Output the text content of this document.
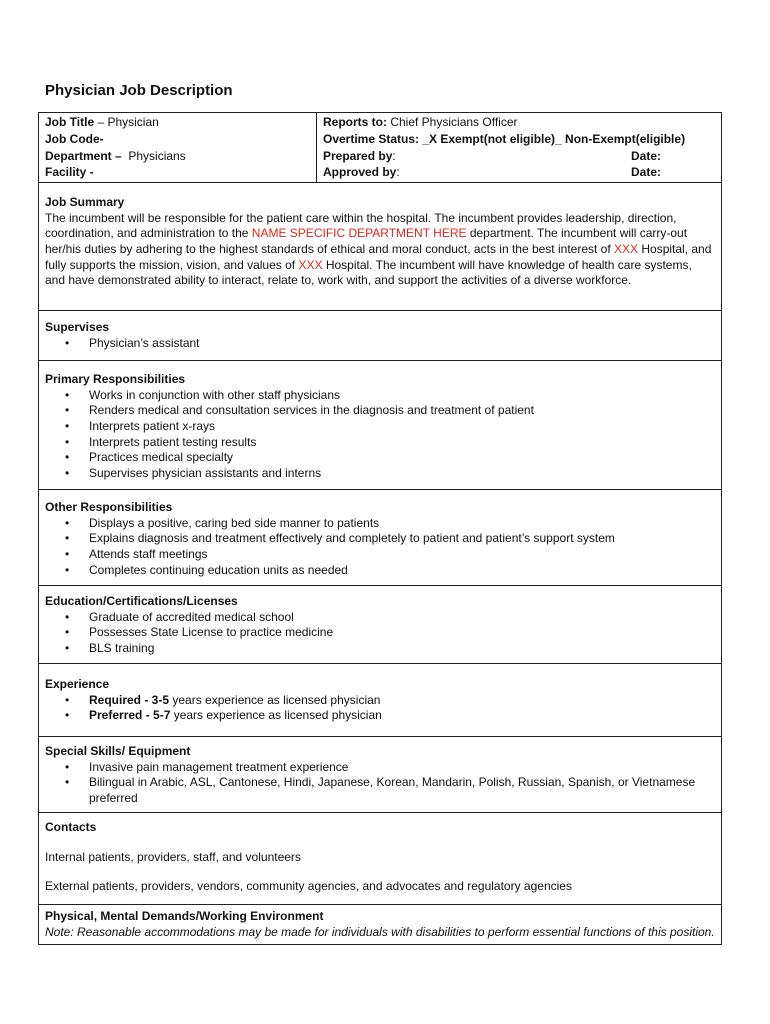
Physician Job Description
Job Title – Physician
Job Code-
Department – Physicians
Facility -
Reports to: Chief Physicians Officer
Overtime Status: _X Exempt(not eligible)_ Non-Exempt(eligible)
Prepared by:	Date:
Approved by:	Date:
Job Summary

The incumbent will be responsible for the patient care within the hospital. The incumbent provides leadership, direction, coordination, and administration to the NAME SPECIFIC DEPARTMENT HERE department. The incumbent will carry-out her/his duties by adhering to the highest standards of ethical and moral conduct, acts in the best interest of XXX Hospital, and fully supports the mission, vision, and values of XXX Hospital. The incumbent will have knowledge of health care systems, and have demonstrated ability to interact, relate to, work with, and support the activities of a diverse workforce.

Supervises
• Physician’s assistant
Primary Responsibilities
• Works in conjunction with other staff physicians
• Renders medical and consultation services in the diagnosis and treatment of patient
• Interprets patient x-rays
• Interprets patient testing results
• Practices medical specialty
• Supervises physician assistants and interns
Other Responsibilities
• Displays a positive, caring bed side manner to patients
• Explains diagnosis and treatment effectively and completely to patient and patient’s support system
• Attends staff meetings
• Completes continuing education units as needed
Education/Certifications/Licenses
• Graduate of accredited medical school
• Possesses State License to practice medicine
• BLS training
Experience
• Required - 3-5 years experience as licensed physician
• Preferred - 5-7 years experience as licensed physician
Special Skills/ Equipment
• Invasive pain management treatment experience
• Bilingual in Arabic, ASL, Cantonese, Hindi, Japanese, Korean, Mandarin, Polish, Russian, Spanish, or Vietnamese preferred
Contacts

Internal patients, providers, staff, and volunteers

External patients, providers, vendors, community agencies, and advocates and regulatory agencies

Physical, Mental Demands/Working Environment

Note: Reasonable accommodations may be made for individuals with disabilities to perform essential functions of this position.
